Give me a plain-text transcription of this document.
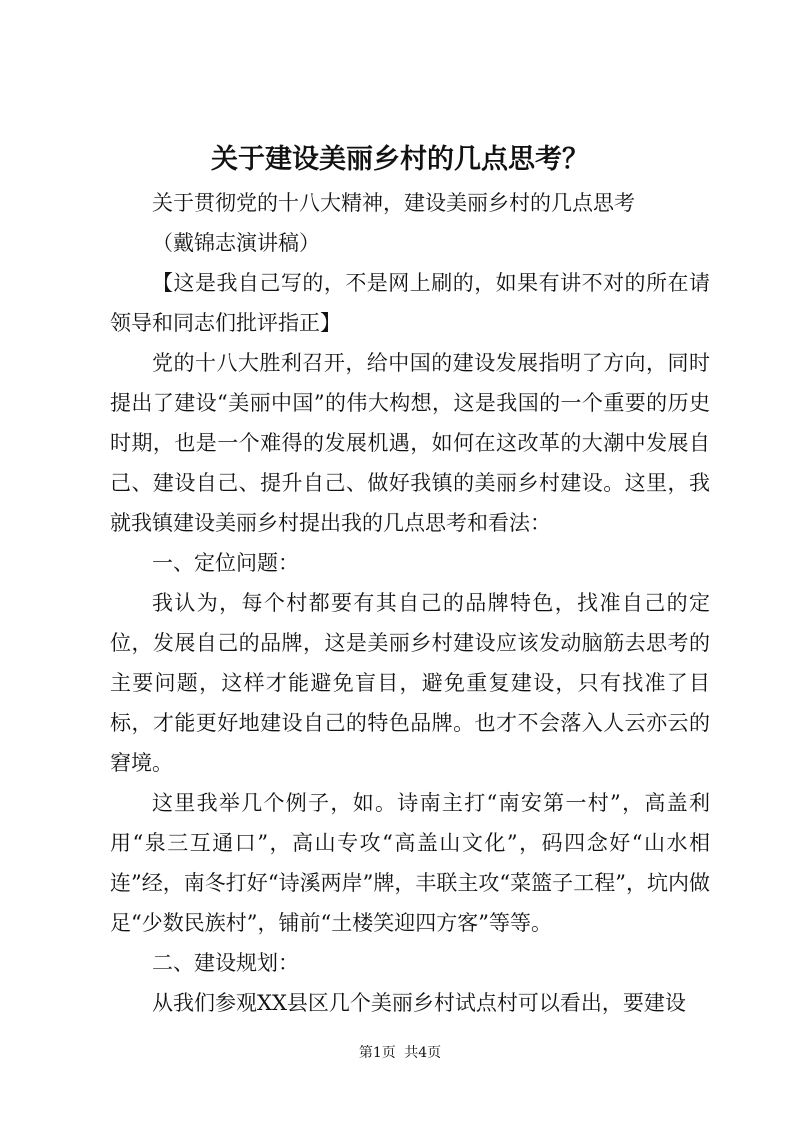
关于建设美丽乡村的几点思考？

关于贯彻党的十八大精神，建设美丽乡村的几点思考

（戴锦志演讲稿）

【这是我自己写的，不是网上刷的，如果有讲不对的所在请领导和同志们批评指正】

党的十八大胜利召开，给中国的建设发展指明了方向，同时提出了建设“美丽中国”的伟大构想，这是我国的一个重要的历史时期，也是一个难得的发展机遇，如何在这改革的大潮中发展自己、建设自己、提升自己、做好我镇的美丽乡村建设。这里，我就我镇建设美丽乡村提出我的几点思考和看法：

一、定位问题：

我认为，每个村都要有其自己的品牌特色，找准自己的定位，发展自己的品牌，这是美丽乡村建设应该发动脑筋去思考的主要问题，这样才能避免盲目，避免重复建设，只有找准了目标，才能更好地建设自己的特色品牌。也才不会落入人云亦云的窘境。

这里我举几个例子，如。诗南主打“南安第一村”，高盖利用“泉三互通口”，高山专攻“高盖山文化”，码四念好“山水相连”经，南冬打好“诗溪两岸”牌，丰联主攻“菜篮子工程”，坑内做足“少数民族村”，铺前“土楼笑迎四方客”等等。

二、建设规划：

从我们参观XX县区几个美丽乡村试点村可以看出，要建设

第1页 共4页
